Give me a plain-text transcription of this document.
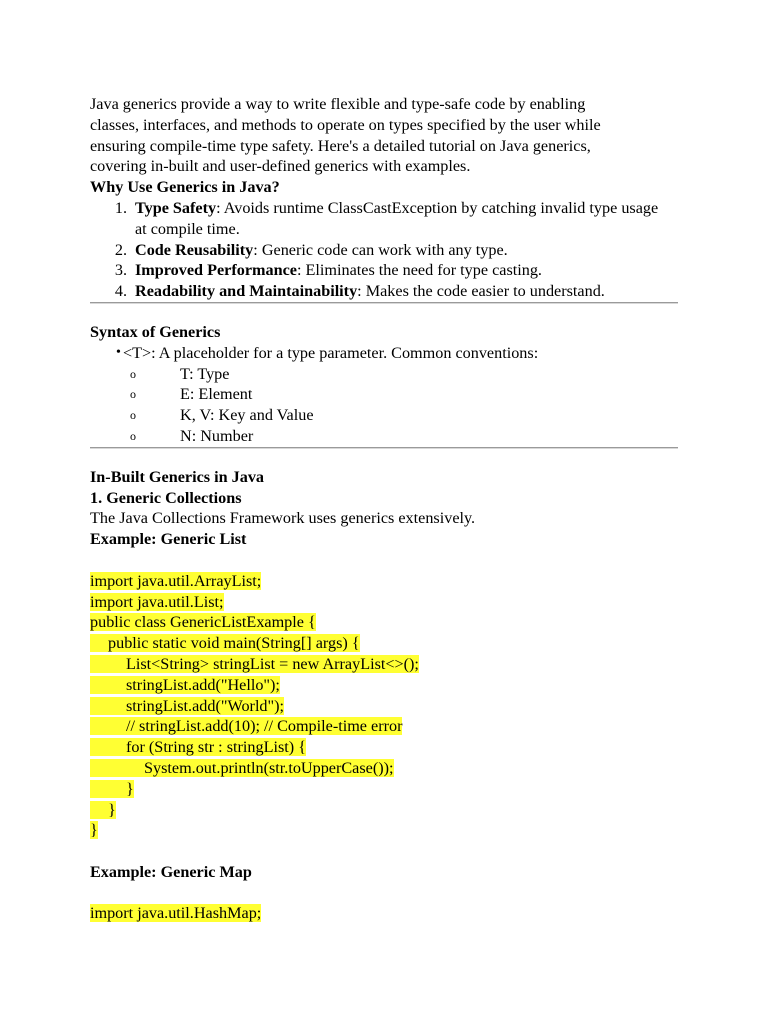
Java generics provide a way to write flexible and type-safe code by enabling
classes, interfaces, and methods to operate on types specified by the user while
ensuring compile-time type safety. Here's a detailed tutorial on Java generics,
covering in-built and user-defined generics with examples.
Why Use Generics in Java?
1. Type Safety: Avoids runtime ClassCastException by catching invalid type usage at compile time.
2. Code Reusability: Generic code can work with any type.
3. Improved Performance: Eliminates the need for type casting.
4. Readability and Maintainability: Makes the code easier to understand.
Syntax of Generics
• <T>: A placeholder for a type parameter. Common conventions:
o	T: Type
o	E: Element
o	K, V: Key and Value
o	N: Number
In-Built Generics in Java
1. Generic Collections
The Java Collections Framework uses generics extensively.
Example: Generic List
import java.util.ArrayList;
import java.util.List;
public class GenericListExample {
public static void main(String[] args) {
List<String> stringList = new ArrayList<>();
stringList.add("Hello");
stringList.add("World");
// stringList.add(10); // Compile-time error
for (String str : stringList) {
System.out.println(str.toUpperCase());
}
}
}
Example: Generic Map
import java.util.HashMap;
